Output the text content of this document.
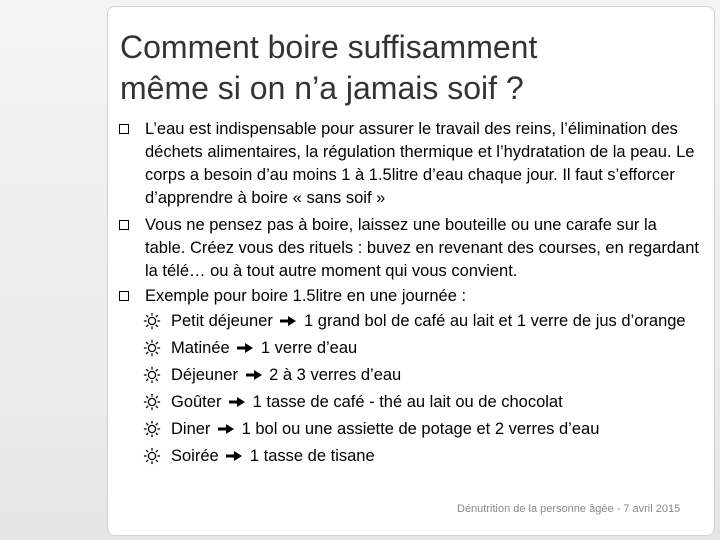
Comment boire suffisamment
même si on n’a jamais soif ?
L’eau est indispensable pour assurer le travail des reins, l’élimination des déchets alimentaires, la régulation thermique et l’hydratation de la peau. Le corps a besoin d’au moins 1 à 1.5litre d’eau chaque jour. Il faut s’efforcer d’apprendre à boire « sans soif »
Vous ne pensez pas à boire, laissez une bouteille ou une carafe sur la table. Créez vous des rituels : buvez en revenant des courses, en regardant la télé… ou à tout autre moment qui vous convient.
Exemple pour boire 1.5litre en une journée :
Petit déjeuner 1 grand bol de café au lait et 1 verre de jus d’orange
Matinée 1 verre d’eau
Déjeuner 2 à 3 verres d’eau
Goûter 1 tasse de café - thé au lait ou de chocolat
Diner 1 bol ou une assiette de potage et 2 verres d’eau
Soirée 1 tasse de tisane
Dénutrition de la personne âgée - 7 avril 2015
